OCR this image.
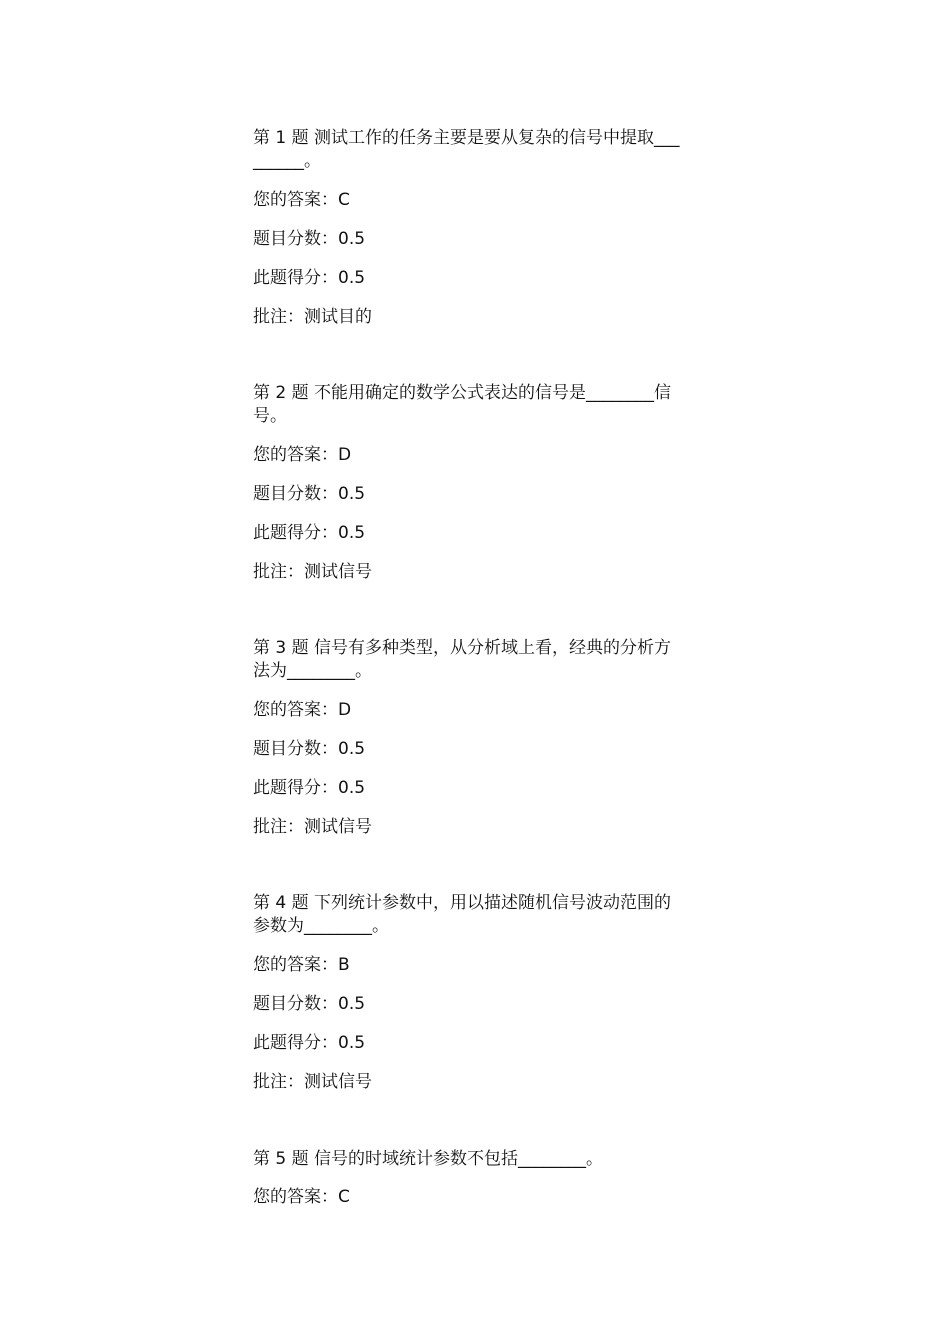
第 1 题 测试工作的任务主要是要从复杂的信号中提取___

______。

您的答案：C

题目分数：0.5

此题得分：0.5

批注：测试目的

第 2 题 不能用确定的数学公式表达的信号是________信

号。

您的答案：D

题目分数：0.5

此题得分：0.5

批注：测试信号

第 3 题 信号有多种类型，从分析域上看，经典的分析方

法为________。

您的答案：D

题目分数：0.5

此题得分：0.5

批注：测试信号

第 4 题 下列统计参数中，用以描述随机信号波动范围的

参数为________。

您的答案：B

题目分数：0.5

此题得分：0.5

批注：测试信号

第 5 题 信号的时域统计参数不包括________。

您的答案：C
